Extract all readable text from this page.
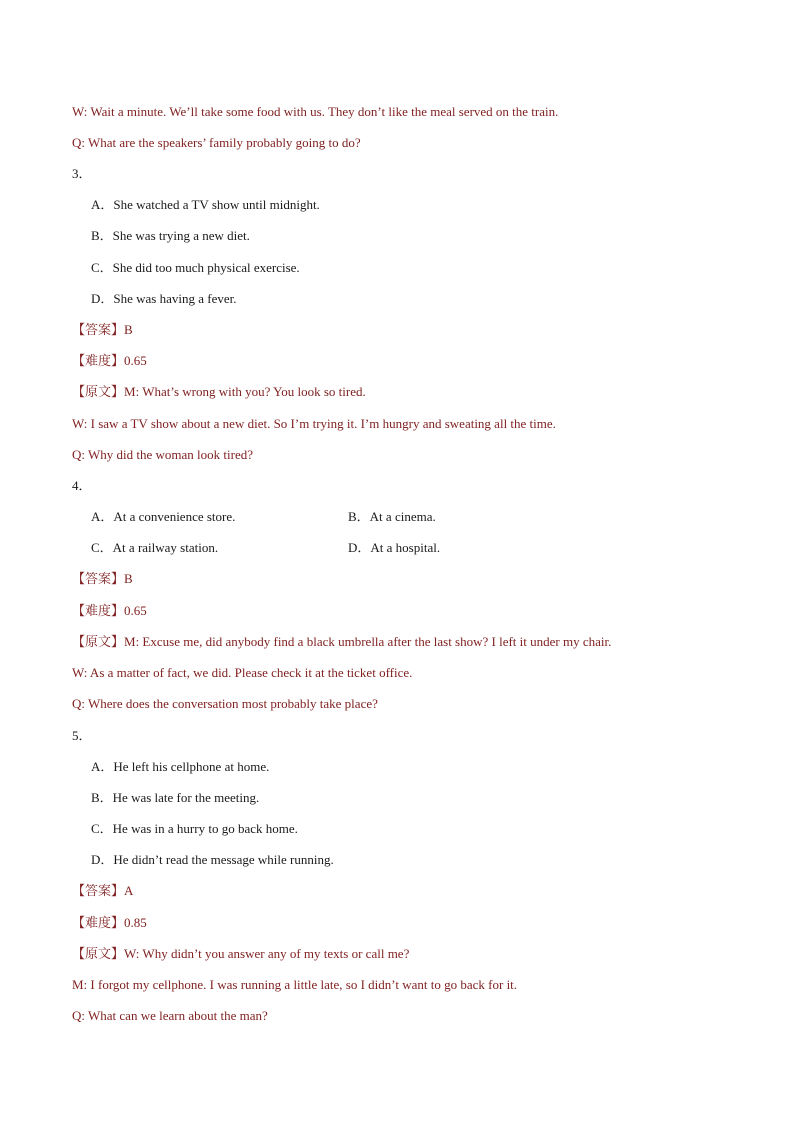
W: Wait a minute. We’ll take some food with us. They don’t like the meal served on the train.
Q: What are the speakers’ family probably going to do?
3．
A．She watched a TV show until midnight.
B．She was trying a new diet.
C．She did too much physical exercise.
D．She was having a fever.
【答案】B
【难度】0.65
【原文】M: What’s wrong with you? You look so tired.
W: I saw a TV show about a new diet. So I’m trying it. I’m hungry and sweating all the time.
Q: Why did the woman look tired?
4．
A．At a convenience store.	B．At a cinema.
C．At a railway station.	D．At a hospital.
【答案】B
【难度】0.65
【原文】M: Excuse me, did anybody find a black umbrella after the last show? I left it under my chair.
W: As a matter of fact, we did. Please check it at the ticket office.
Q: Where does the conversation most probably take place?
5．
A．He left his cellphone at home.
B．He was late for the meeting.
C．He was in a hurry to go back home.
D．He didn’t read the message while running.
【答案】A
【难度】0.85
【原文】W: Why didn’t you answer any of my texts or call me?
M: I forgot my cellphone. I was running a little late, so I didn’t want to go back for it.
Q: What can we learn about the man?
